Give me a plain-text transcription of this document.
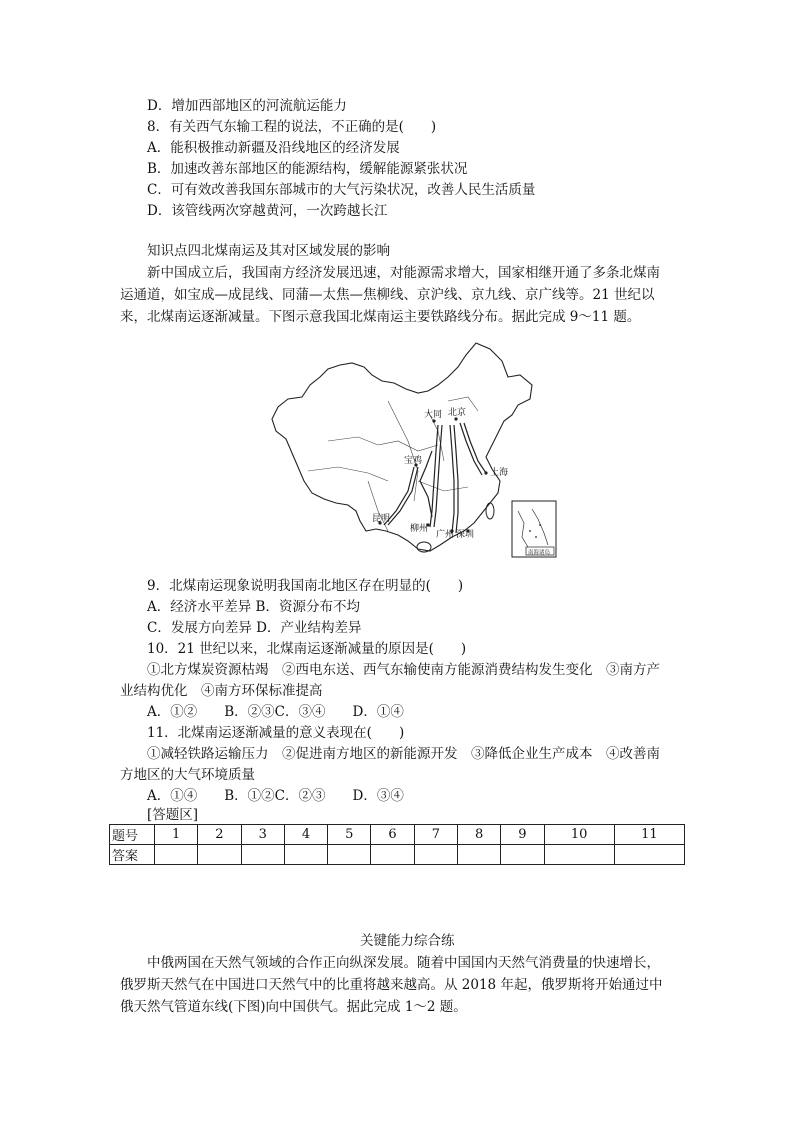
D．增加西部地区的河流航运能力
8．有关西气东输工程的说法，不正确的是(　　)
A．能积极推动新疆及沿线地区的经济发展
B．加速改善东部地区的能源结构，缓解能源紧张状况
C．可有效改善我国东部城市的大气污染状况，改善人民生活质量
D．该管线两次穿越黄河，一次跨越长江
知识点四北煤南运及其对区域发展的影响
新中国成立后，我国南方经济发展迅速，对能源需求增大，国家相继开通了多条北煤南
运通道，如宝成—成昆线、同蒲—太焦—焦柳线、京沪线、京九线、京广线等。21 世纪以
来，北煤南运逐渐减量。下图示意我国北煤南运主要铁路线分布。据此完成 9～11 题。
大同 北京
宝鸡
上海
昆明
柳州
广州 深圳
南海诸岛
9．北煤南运现象说明我国南北地区存在明显的(　　)
A．经济水平差异 B．资源分布不均
C．发展方向差异 D．产业结构差异
10．21 世纪以来，北煤南运逐渐减量的原因是(　　)
①北方煤炭资源枯竭　②西电东送、西气东输使南方能源消费结构发生变化　③南方产
业结构优化　④南方环保标准提高
A．①②　　B．②③C．③④　　D．①④
11．北煤南运逐渐减量的意义表现在(　　)
①减轻铁路运输压力　②促进南方地区的新能源开发　③降低企业生产成本　④改善南
方地区的大气环境质量
A．①④　　B．①②C．②③　　D．③④
[答题区]
题号	1	2	3	4	5	6	7	8	9	10	11
答案											
关键能力综合练
中俄两国在天然气领域的合作正向纵深发展。随着中国国内天然气消费量的快速增长，
俄罗斯天然气在中国进口天然气中的比重将越来越高。从 2018 年起，俄罗斯将开始通过中
俄天然气管道东线(下图)向中国供气。据此完成 1～2 题。
